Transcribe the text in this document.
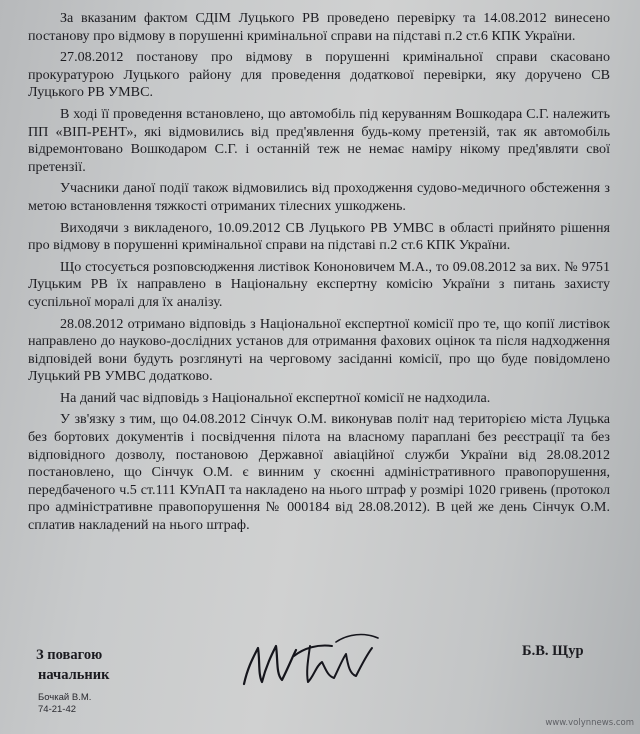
За вказаним фактом СДІМ Луцького РВ проведено перевірку та 14.08.2012 винесено постанову про відмову в порушенні кримінальної справи на підставі п.2 ст.6 КПК України.

27.08.2012 постанову про відмову в порушенні кримінальної справи скасовано прокуратурою Луцького району для проведення додаткової перевірки, яку доручено СВ Луцького РВ УМВС.

В ході її проведення встановлено, що автомобіль під керуванням Вошкодара С.Г. належить ПП «ВІП-РЕНТ», які відмовились від пред'явлення будь-кому претензій, так як автомобіль відремонтовано Вошкодаром С.Г. і останній теж не немає наміру нікому пред'являти свої претензії.

Учасники даної події також відмовились від проходження судово-медичного обстеження з метою встановлення тяжкості отриманих тілесних ушкоджень.

Виходячи з викладеного, 10.09.2012 СВ Луцького РВ УМВС в області прийнято рішення про відмову в порушенні кримінальної справи на підставі п.2 ст.6 КПК України.

Що стосується розповсюдження листівок Кононовичем М.А., то 09.08.2012 за вих. № 9751 Луцьким РВ їх направлено в Національну експертну комісію України з питань захисту суспільної моралі для їх аналізу.

28.08.2012 отримано відповідь з Національної експертної комісії про те, що копії листівок направлено до науково-дослідних установ для отримання фахових оцінок та після надходження відповідей вони будуть розглянуті на черговому засіданні комісії, про що буде повідомлено Луцький РВ УМВС додатково.

На даний час відповідь з Національної експертної комісії не надходила.

У зв'язку з тим, що 04.08.2012 Сінчук О.М. виконував політ над територією міста Луцька без бортових документів і посвідчення пілота на власному параплані без реєстрації та без відповідного дозволу, постановою Державної авіаційної служби України від 28.08.2012 постановлено, що Сінчук О.М. є винним у скоєнні адміністративного правопорушення, передбаченого ч.5 ст.111 КУпАП та накладено на нього штраф у розмірі 1020 гривень (протокол про адміністративне правопорушення № 000184 від 28.08.2012). В цей же день Сінчук О.М. сплатив накладений на нього штраф.

З повагою
начальник
Б.В. Щур
Бочкай В.М.
74-21-42
www.volynnews.com
